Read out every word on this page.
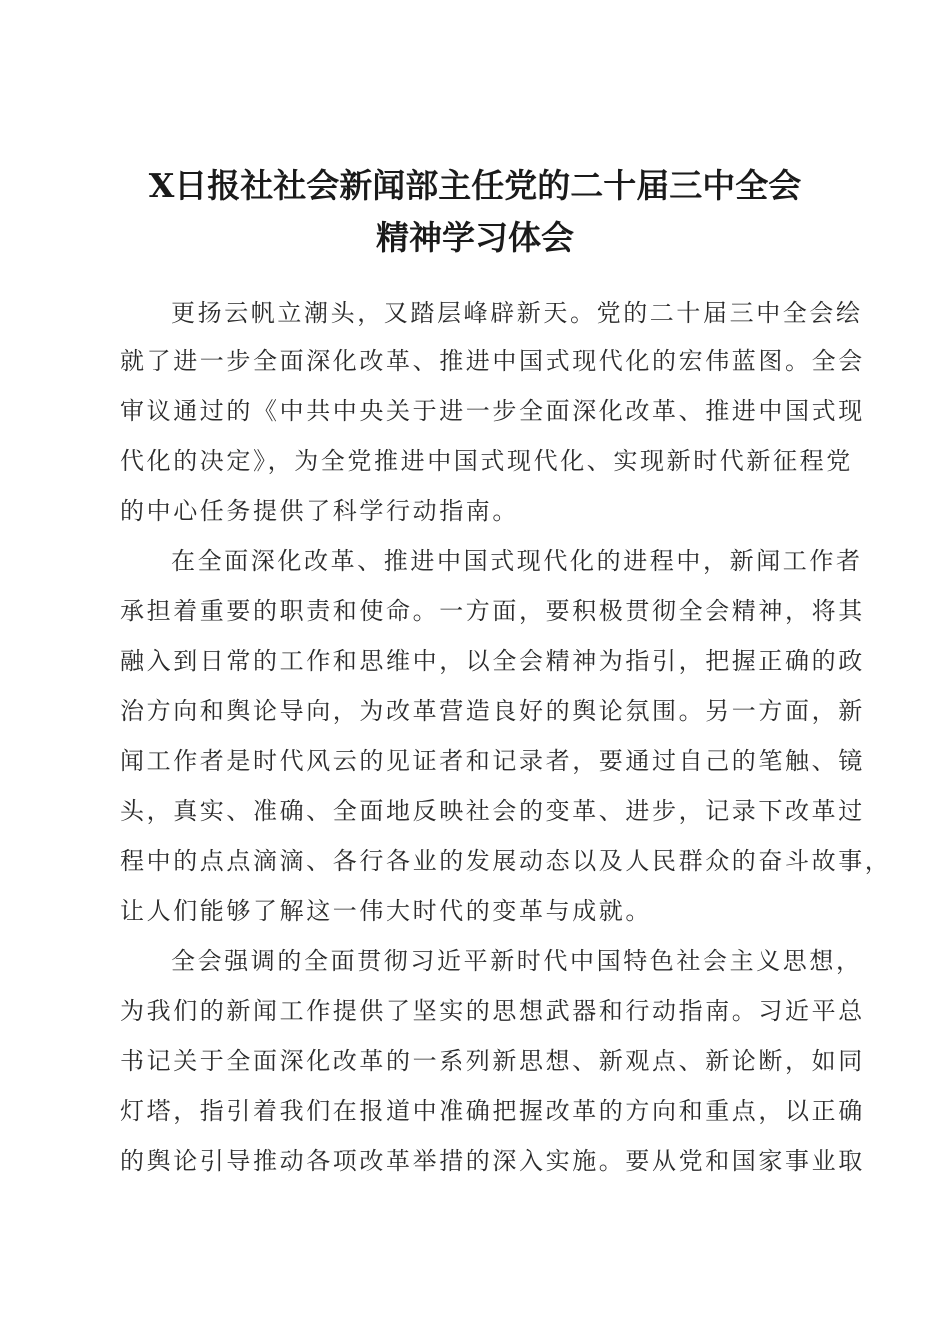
X日报社社会新闻部主任党的二十届三中全会
精神学习体会

更扬云帆立潮头，又踏层峰辟新天。党的二十届三中全会绘

就了进一步全面深化改革、推进中国式现代化的宏伟蓝图。全会

审议通过的《中共中央关于进一步全面深化改革、推进中国式现

代化的决定》，为全党推进中国式现代化、实现新时代新征程党

的中心任务提供了科学行动指南。

在全面深化改革、推进中国式现代化的进程中，新闻工作者

承担着重要的职责和使命。一方面，要积极贯彻全会精神，将其

融入到日常的工作和思维中，以全会精神为指引，把握正确的政

治方向和舆论导向，为改革营造良好的舆论氛围。另一方面，新

闻工作者是时代风云的见证者和记录者，要通过自己的笔触、镜

头，真实、准确、全面地反映社会的变革、进步，记录下改革过

程中的点点滴滴、各行各业的发展动态以及人民群众的奋斗故事，

让人们能够了解这一伟大时代的变革与成就。

全会强调的全面贯彻习近平新时代中国特色社会主义思想，

为我们的新闻工作提供了坚实的思想武器和行动指南。习近平总

书记关于全面深化改革的一系列新思想、新观点、新论断，如同

灯塔，指引着我们在报道中准确把握改革的方向和重点，以正确

的舆论引导推动各项改革举措的深入实施。要从党和国家事业取
